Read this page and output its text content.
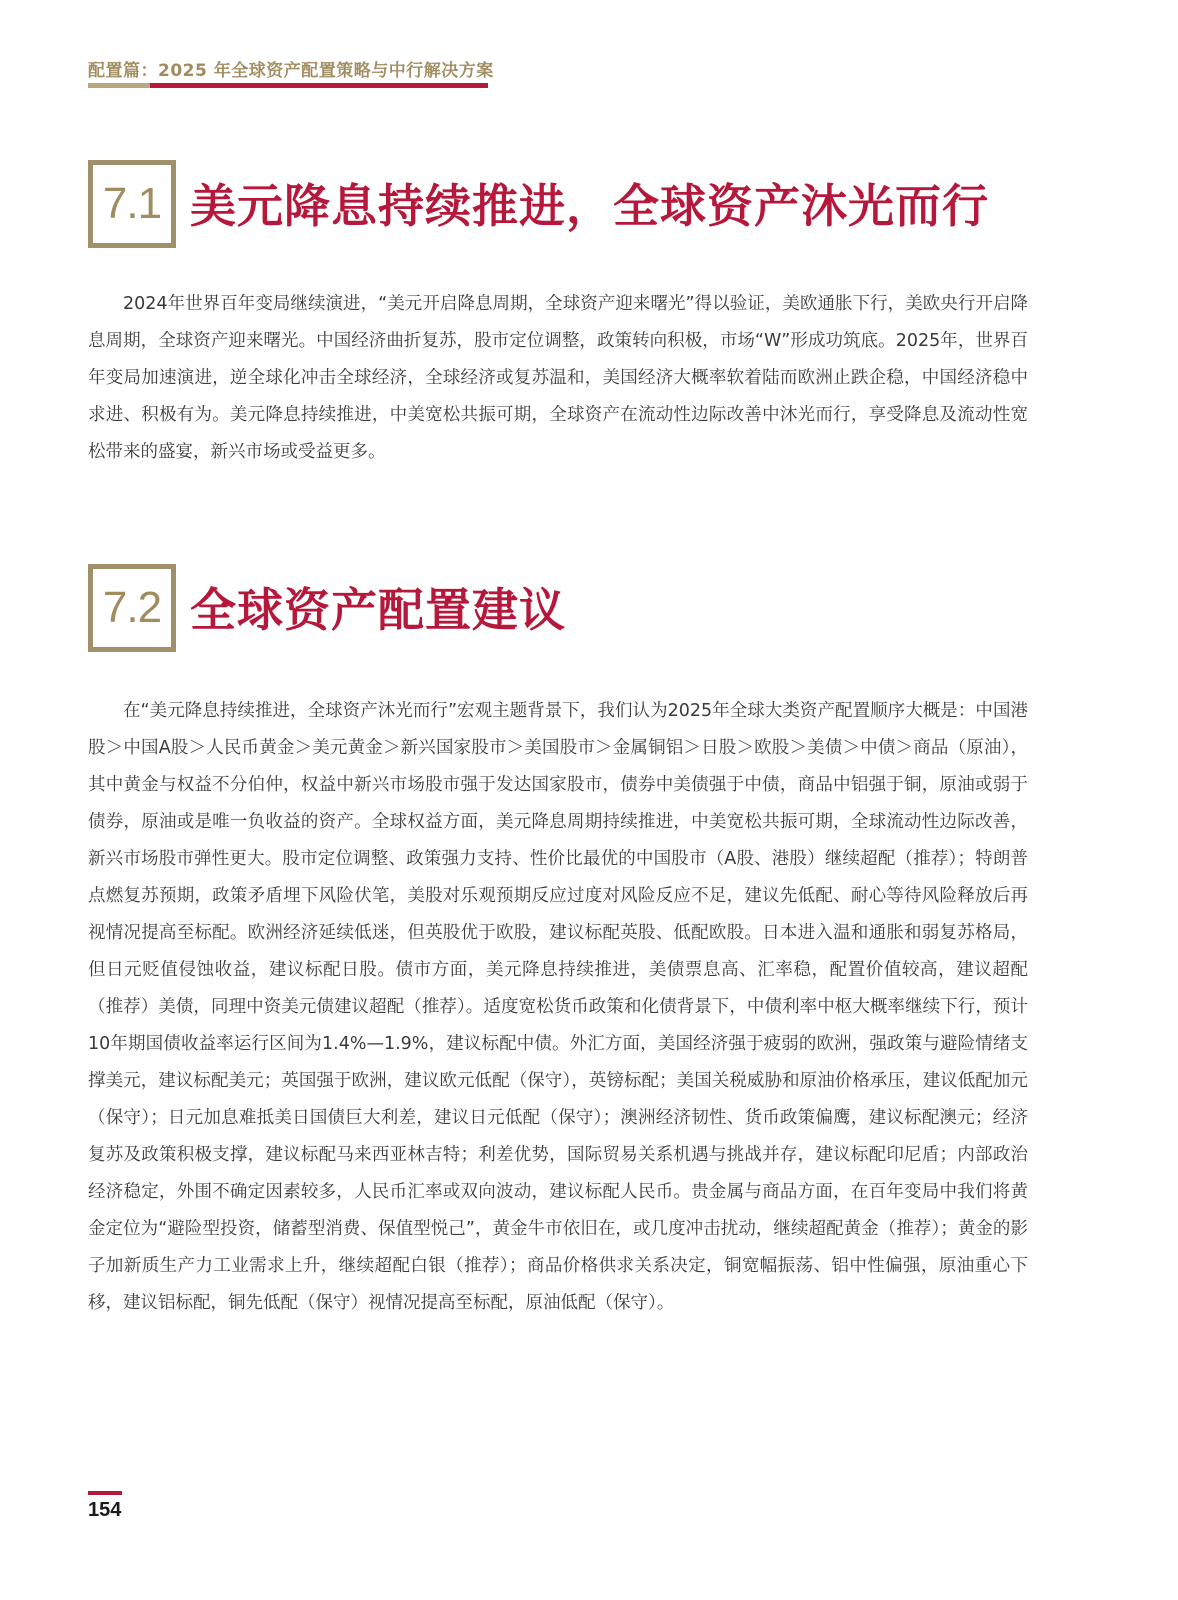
配置篇：2025 年全球资产配置策略与中行解决方案
7.1 美元降息持续推进，全球资产沐光而行

2024年世界百年变局继续演进，“美元开启降息周期，全球资产迎来曙光”得以验证，美欧通胀下行，美欧央行开启降息周期，全球资产迎来曙光。中国经济曲折复苏，股市定位调整，政策转向积极，市场“W”形成功筑底。2025年，世界百年变局加速演进，逆全球化冲击全球经济，全球经济或复苏温和，美国经济大概率软着陆而欧洲止跌企稳，中国经济稳中求进、积极有为。美元降息持续推进，中美宽松共振可期，全球资产在流动性边际改善中沐光而行，享受降息及流动性宽松带来的盛宴，新兴市场或受益更多。

7.2 全球资产配置建议

在“美元降息持续推进，全球资产沐光而行”宏观主题背景下，我们认为2025年全球大类资产配置顺序大概是：中国港股＞中国A股＞人民币黄金＞美元黄金＞新兴国家股市＞美国股市＞金属铜铝＞日股＞欧股＞美债＞中债＞商品（原油），其中黄金与权益不分伯仲，权益中新兴市场股市强于发达国家股市，债券中美债强于中债，商品中铝强于铜，原油或弱于债券，原油或是唯一负收益的资产。全球权益方面，美元降息周期持续推进，中美宽松共振可期，全球流动性边际改善，新兴市场股市弹性更大。股市定位调整、政策强力支持、性价比最优的中国股市（A股、港股）继续超配（推荐）；特朗普点燃复苏预期，政策矛盾埋下风险伏笔，美股对乐观预期反应过度对风险反应不足，建议先低配、耐心等待风险释放后再视情况提高至标配。欧洲经济延续低迷，但英股优于欧股，建议标配英股、低配欧股。日本进入温和通胀和弱复苏格局，但日元贬值侵蚀收益，建议标配日股。债市方面，美元降息持续推进，美债票息高、汇率稳，配置价值较高，建议超配（推荐）美债，同理中资美元债建议超配（推荐）。适度宽松货币政策和化债背景下，中债利率中枢大概率继续下行，预计10年期国债收益率运行区间为1.4%—1.9%，建议标配中债。外汇方面，美国经济强于疲弱的欧洲，强政策与避险情绪支撑美元，建议标配美元；英国强于欧洲，建议欧元低配（保守），英镑标配；美国关税威胁和原油价格承压，建议低配加元（保守）；日元加息难抵美日国债巨大利差，建议日元低配（保守）；澳洲经济韧性、货币政策偏鹰，建议标配澳元；经济复苏及政策积极支撑，建议标配马来西亚林吉特；利差优势，国际贸易关系机遇与挑战并存，建议标配印尼盾；内部政治经济稳定，外围不确定因素较多，人民币汇率或双向波动，建议标配人民币。贵金属与商品方面，在百年变局中我们将黄金定位为“避险型投资，储蓄型消费、保值型悦己”，黄金牛市依旧在，或几度冲击扰动，继续超配黄金（推荐）；黄金的影子加新质生产力工业需求上升，继续超配白银（推荐）；商品价格供求关系决定，铜宽幅振荡、铝中性偏强，原油重心下移，建议铝标配，铜先低配（保守）视情况提高至标配，原油低配（保守）。

154
